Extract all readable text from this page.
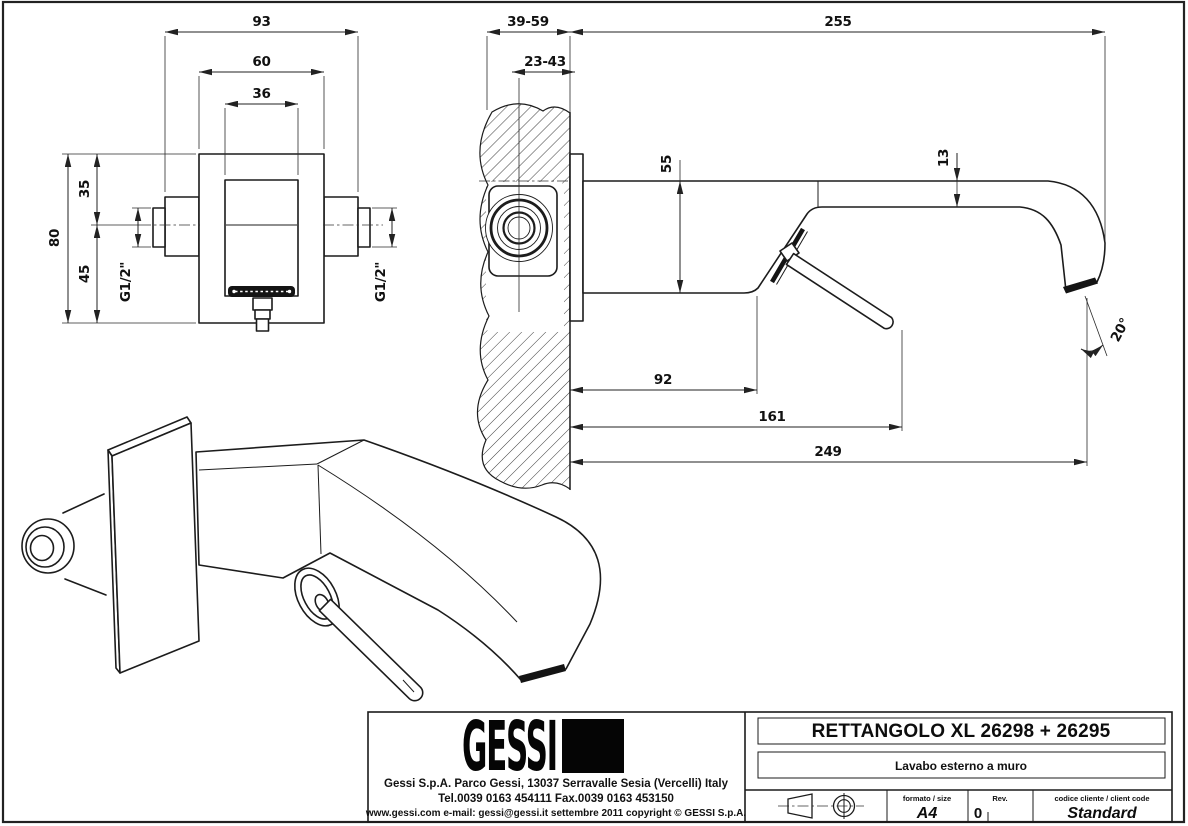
93
60
36
80
35
45 G1/2"	G1/2"
39-59	255
23-43
55	13
92
161
249
20°
GESSI
Gessi S.p.A. Parco Gessi, 13037 Serravalle Sesia (Vercelli) Italy
Tel.0039 0163 454111 Fax.0039 0163 453150
www.gessi.com e-mail: gessi@gessi.it settembre 2011 copyright © GESSI S.p.A.
RETTANGOLO XL 26298 + 26295
Lavabo esterno a muro
formato / size
A4
Rev.
0
codice cliente / client code
Standard
